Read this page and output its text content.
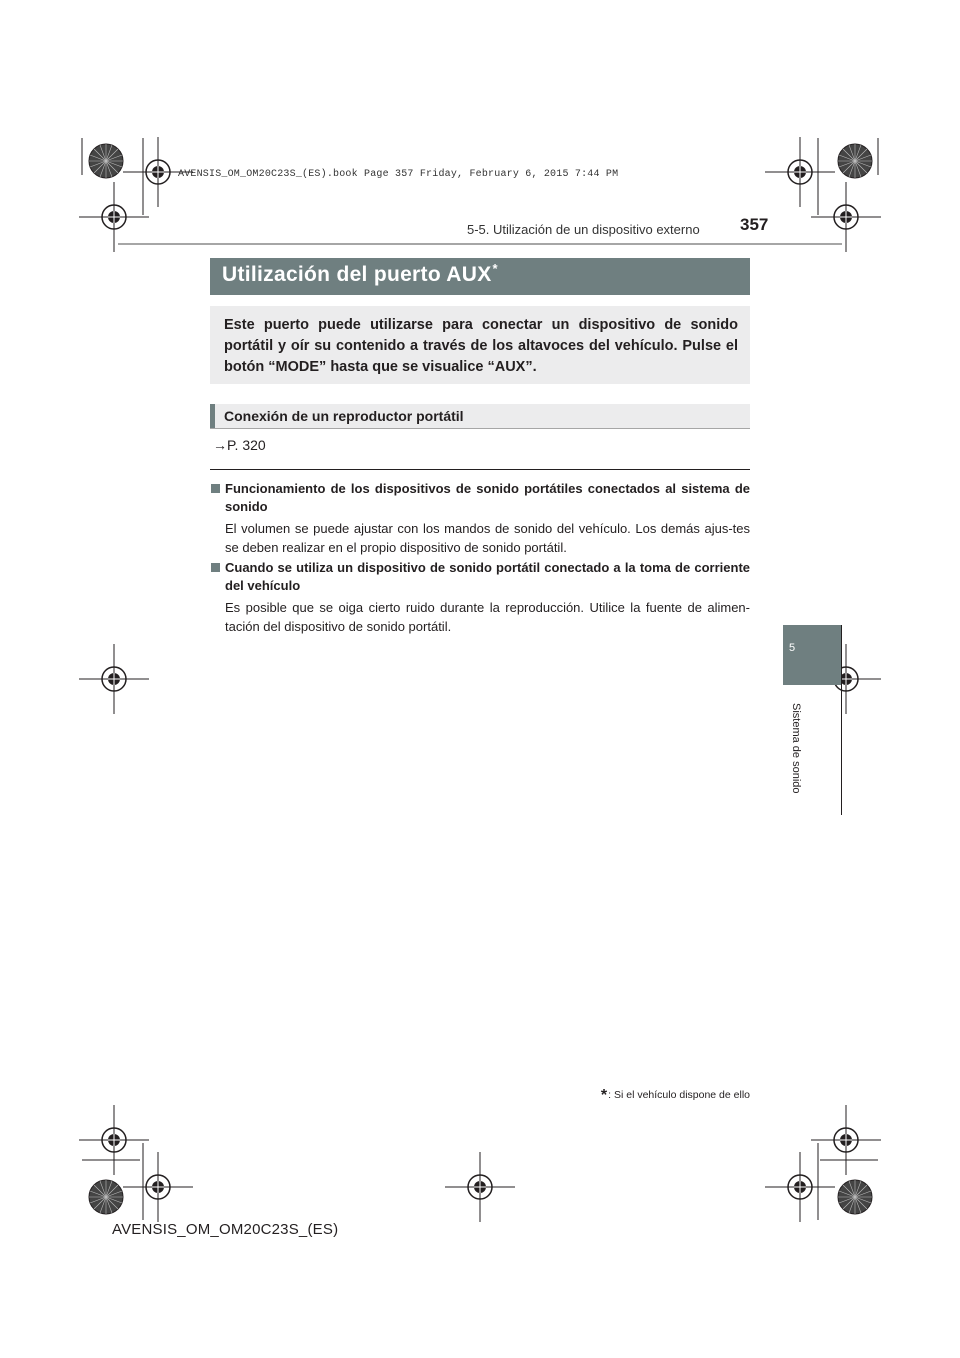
AVENSIS_OM_OM20C23S_(ES).book Page 357 Friday, February 6, 2015 7:44 PM
357
5-5. Utilización de un dispositivo externo
Utilización del puerto AUX*
Este puerto puede utilizarse para conectar un dispositivo de sonido portátil y oír su contenido a través de los altavoces del vehículo. Pulse el botón “MODE” hasta que se visualice “AUX”.
Conexión de un reproductor portátil
→P. 320
Funcionamiento de los dispositivos de sonido portátiles conectados al sistema de sonido
El volumen se puede ajustar con los mandos de sonido del vehículo. Los demás ajus-tes se deben realizar en el propio dispositivo de sonido portátil.
Cuando se utiliza un dispositivo de sonido portátil conectado a la toma de corriente del vehículo
Es posible que se oiga cierto ruido durante la reproducción. Utilice la fuente de alimen-tación del dispositivo de sonido portátil.
5
Sistema de sonido
*: Si el vehículo dispone de ello
AVENSIS_OM_OM20C23S_(ES)
